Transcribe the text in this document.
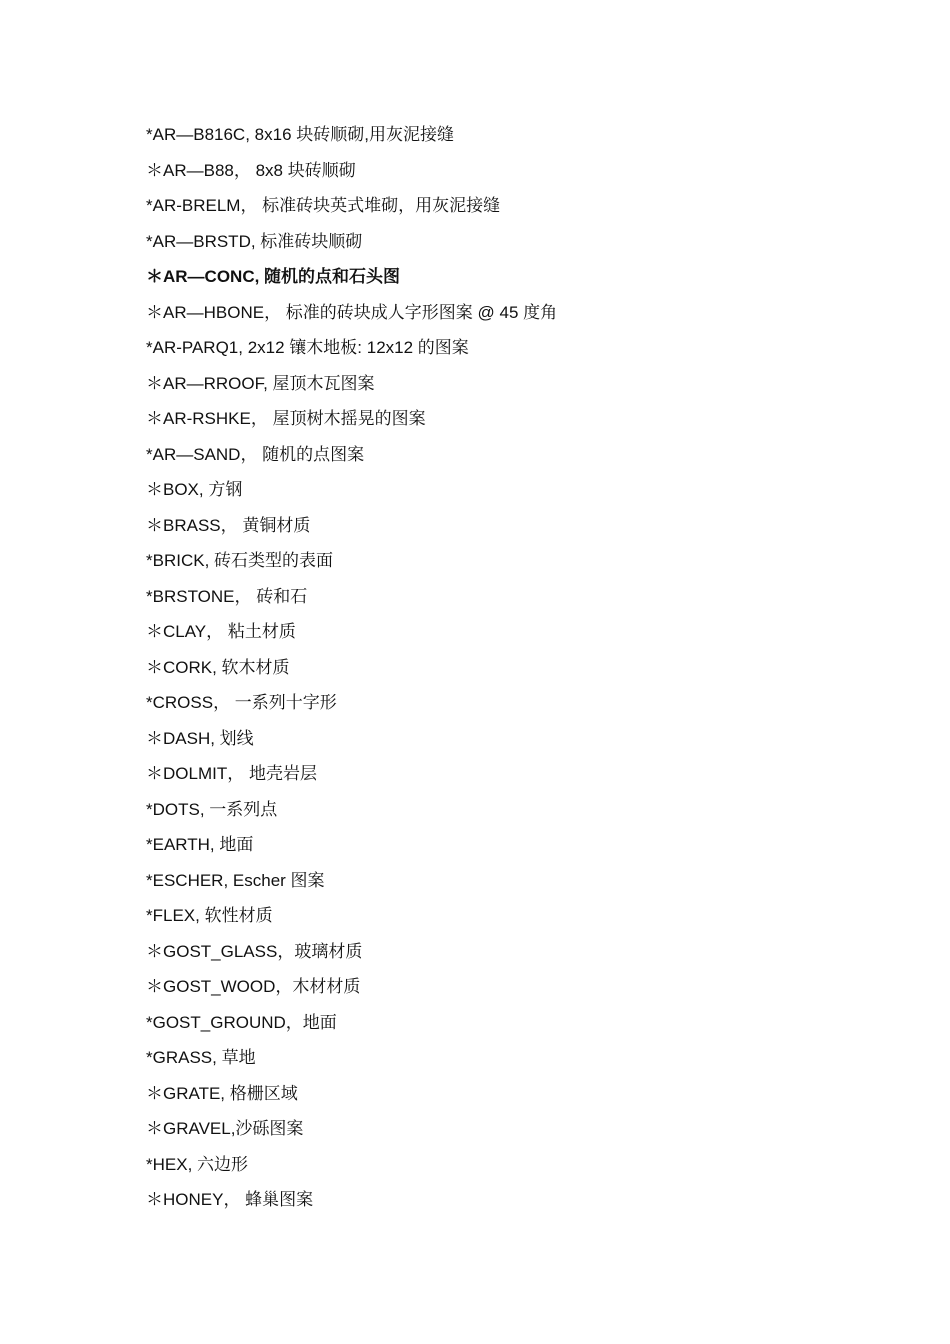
*AR—B816C, 8x16 块砖顺砌,用灰泥接缝
＊AR—B88， 8x8 块砖顺砌
*AR-BRELM， 标准砖块英式堆砌，用灰泥接缝
*AR—BRSTD, 标准砖块顺砌
＊AR—CONC, 随机的点和石头图
＊AR—HBONE， 标准的砖块成人字形图案 @ 45 度角
*AR-PARQ1, 2x12 镶木地板: 12x12 的图案
＊AR—RROOF, 屋顶木瓦图案
＊AR-RSHKE， 屋顶树木摇晃的图案
*AR—SAND， 随机的点图案
＊BOX, 方钢
＊BRASS， 黄铜材质
*BRICK, 砖石类型的表面
*BRSTONE， 砖和石
＊CLAY， 粘土材质
＊CORK, 软木材质
*CROSS， 一系列十字形
＊DASH, 划线
＊DOLMIT， 地壳岩层
*DOTS, 一系列点
*EARTH, 地面
*ESCHER, Escher 图案
*FLEX, 软性材质
＊GOST_GLASS，玻璃材质
＊GOST_WOOD，木材材质
*GOST_GROUND，地面
*GRASS, 草地
＊GRATE, 格栅区域
＊GRAVEL,沙砾图案
*HEX, 六边形
＊HONEY， 蜂巢图案
